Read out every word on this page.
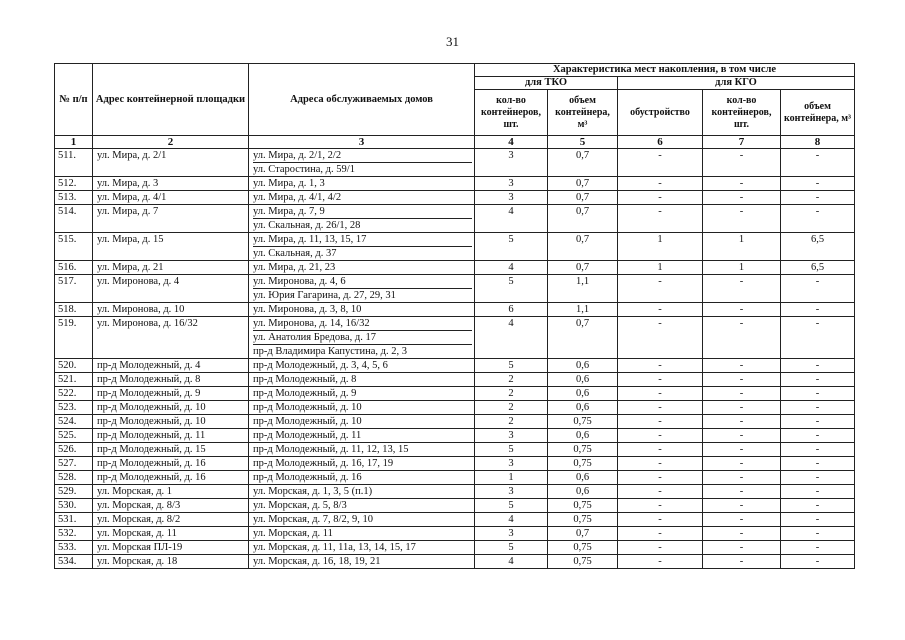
31
№ п/п	Адрес контейнерной площадки	Адреса обслуживаемых домов	Характеристика мест накопления, в том числе				
			для ТКО		для КГО		
			кол-во контейнеров, шт.	объем контейнера, м³	обустройство	кол-во контейнеров, шт.	объем контейнера, м³
1	2	3	4	5	6	7	8
511.	ул. Мира, д. 2/1	ул. Мира, д. 2/1, 2/2
ул. Старостина, д. 59/1	3	0,7	-	-	-
512.	ул. Мира, д. 3	ул. Мира, д. 1, 3	3	0,7	-	-	-
513.	ул. Мира, д. 4/1	ул. Мира, д. 4/1, 4/2	3	0,7	-	-	-
514.	ул. Мира, д. 7	ул. Мира, д. 7, 9
ул. Скальная, д. 26/1, 28	4	0,7	-	-	-
515.	ул. Мира, д. 15	ул. Мира, д. 11, 13, 15, 17
ул. Скальная, д. 37	5	0,7	1	1	6,5
516.	ул. Мира, д. 21	ул. Мира, д. 21, 23	4	0,7	1	1	6,5
517.	ул. Миронова, д. 4	ул. Миронова, д. 4, 6
ул. Юрия Гагарина, д. 27, 29, 31	5	1,1	-	-	-
518.	ул. Миронова, д. 10	ул. Миронова, д. 3, 8, 10	6	1,1	-	-	-
519.	ул. Миронова, д. 16/32	ул. Миронова, д. 14, 16/32
ул. Анатолия Бредова, д. 17
пр-д Владимира Капустина, д. 2, 3	4	0,7	-	-	-
520.	пр-д Молодежный, д. 4	пр-д Молодежный, д. 3, 4, 5, 6	5	0,6	-	-	-
521.	пр-д Молодежный, д. 8	пр-д Молодежный, д. 8	2	0,6	-	-	-
522.	пр-д Молодежный, д. 9	пр-д Молодежный, д. 9	2	0,6	-	-	-
523.	пр-д Молодежный, д. 10	пр-д Молодежный, д. 10	2	0,6	-	-	-
524.	пр-д Молодежный, д. 10	пр-д Молодежный, д. 10	2	0,75	-	-	-
525.	пр-д Молодежный, д. 11	пр-д Молодежный, д. 11	3	0,6	-	-	-
526.	пр-д Молодежный, д. 15	пр-д Молодежный, д. 11, 12, 13, 15	5	0,75	-	-	-
527.	пр-д Молодежный, д. 16	пр-д Молодежный, д. 16, 17, 19	3	0,75	-	-	-
528.	пр-д Молодежный, д. 16	пр-д Молодежный, д. 16	1	0,6	-	-	-
529.	ул. Морская, д. 1	ул. Морская, д. 1, 3, 5 (п.1)	3	0,6	-	-	-
530.	ул. Морская, д. 8/3	ул. Морская, д. 5, 8/3	5	0,75	-	-	-
531.	ул. Морская, д. 8/2	ул. Морская, д. 7, 8/2, 9, 10	4	0,75	-	-	-
532.	ул. Морская, д. 11	ул. Морская, д. 11	3	0,7	-	-	-
533.	ул. Морская ПЛ-19	ул. Морская, д. 11, 11а, 13, 14, 15, 17	5	0,75	-	-	-
534.	ул. Морская, д. 18	ул. Морская, д. 16, 18, 19, 21	4	0,75	-	-	-
